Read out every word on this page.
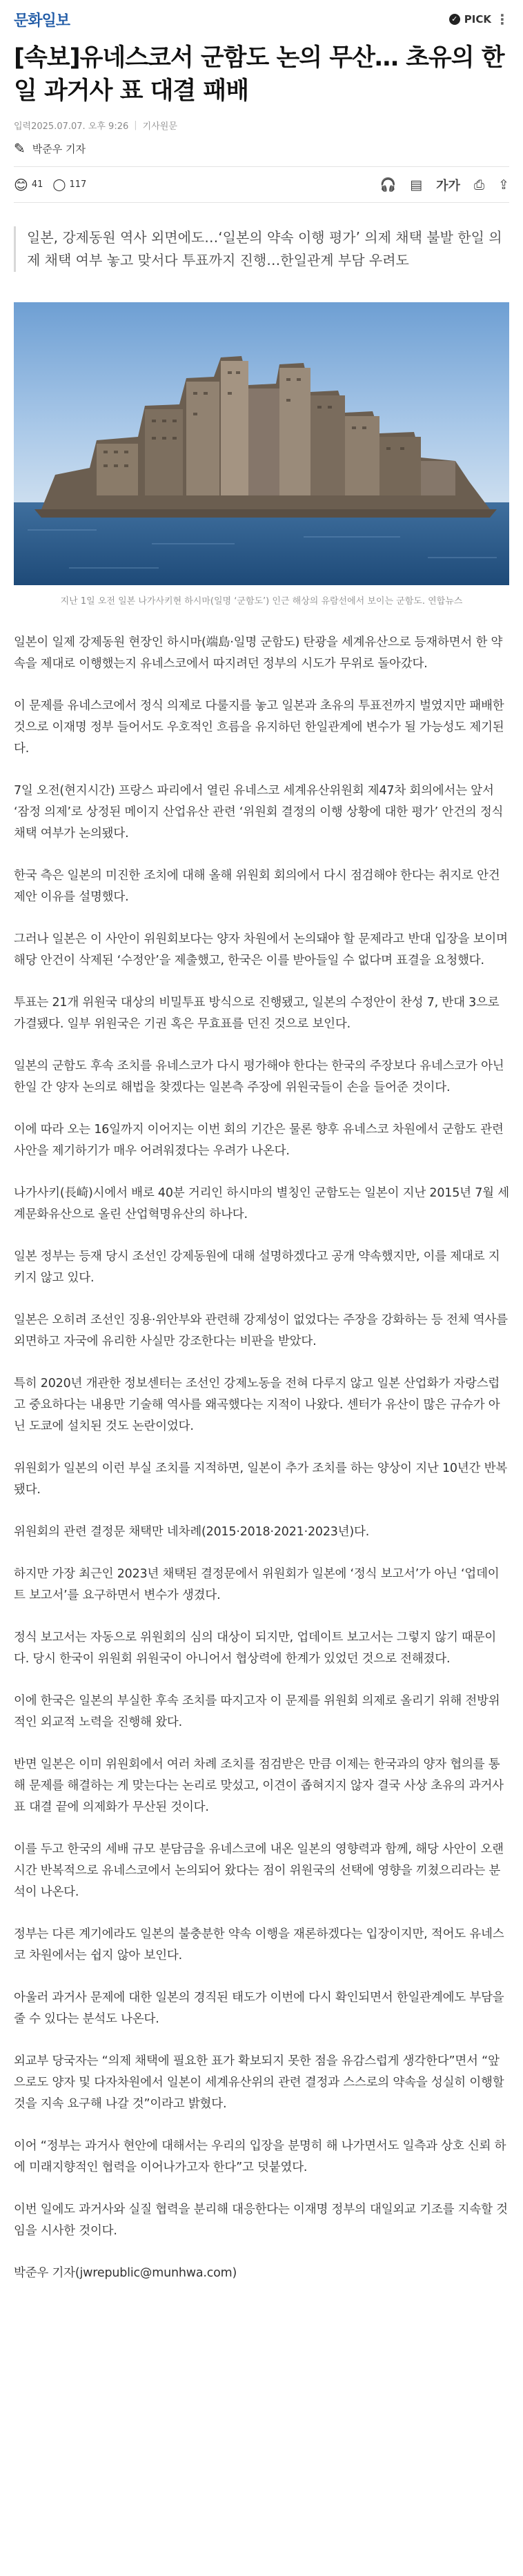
문화일보	✓ PICK ⋮
[속보]유네스코서 군함도 논의 무산… 초유의 한일 과거사 표 대결 패배
입력2025.07.07. 오후 9:26 | 기사원문
✎ 박준우 기자
😊 41 ◯ 117	🎧 ▤ 가가 ⎙ ⇪
일본, 강제동원 역사 외면에도…‘일본의 약속 이행 평가’ 의제 채택 불발 한일 의제 채택 여부 놓고 맞서다 투표까지 진행…한일관계 부담 우려도

지난 1일 오전 일본 나가사키현 하시마(일명 ‘군함도’) 인근 해상의 유람선에서 보이는 군함도. 연합뉴스

일본이 일제 강제동원 현장인 하시마(端島·일명 군함도) 탄광을 세계유산으로 등재하면서 한 약속을 제대로 이행했는지 유네스코에서 따지려던 정부의 시도가 무위로 돌아갔다.

이 문제를 유네스코에서 정식 의제로 다룰지를 놓고 일본과 초유의 투표전까지 벌였지만 패배한 것으로 이재명 정부 들어서도 우호적인 흐름을 유지하던 한일관계에 변수가 될 가능성도 제기된다.

7일 오전(현지시간) 프랑스 파리에서 열린 유네스코 세계유산위원회 제47차 회의에서는 앞서 ‘잠정 의제’로 상정된 메이지 산업유산 관련 ‘위원회 결정의 이행 상황에 대한 평가’ 안건의 정식 채택 여부가 논의됐다.

한국 측은 일본의 미진한 조치에 대해 올해 위원회 회의에서 다시 점검해야 한다는 취지로 안건 제안 이유를 설명했다.

그러나 일본은 이 사안이 위원회보다는 양자 차원에서 논의돼야 할 문제라고 반대 입장을 보이며 해당 안건이 삭제된 ‘수정안’을 제출했고, 한국은 이를 받아들일 수 없다며 표결을 요청했다.

투표는 21개 위원국 대상의 비밀투표 방식으로 진행됐고, 일본의 수정안이 찬성 7, 반대 3으로 가결됐다. 일부 위원국은 기권 혹은 무효표를 던진 것으로 보인다.

일본의 군함도 후속 조치를 유네스코가 다시 평가해야 한다는 한국의 주장보다 유네스코가 아닌 한일 간 양자 논의로 해법을 찾겠다는 일본측 주장에 위원국들이 손을 들어준 것이다.

이에 따라 오는 16일까지 이어지는 이번 회의 기간은 물론 향후 유네스코 차원에서 군함도 관련 사안을 제기하기가 매우 어려워졌다는 우려가 나온다.

나가사키(長崎)시에서 배로 40분 거리인 하시마의 별칭인 군함도는 일본이 지난 2015년 7월 세계문화유산으로 올린 산업혁명유산의 하나다.

일본 정부는 등재 당시 조선인 강제동원에 대해 설명하겠다고 공개 약속했지만, 이를 제대로 지키지 않고 있다.

일본은 오히려 조선인 징용·위안부와 관련해 강제성이 없었다는 주장을 강화하는 등 전체 역사를 외면하고 자국에 유리한 사실만 강조한다는 비판을 받았다.

특히 2020년 개관한 정보센터는 조선인 강제노동을 전혀 다루지 않고 일본 산업화가 자랑스럽고 중요하다는 내용만 기술해 역사를 왜곡했다는 지적이 나왔다. 센터가 유산이 많은 규슈가 아닌 도쿄에 설치된 것도 논란이었다.

위원회가 일본의 이런 부실 조치를 지적하면, 일본이 추가 조치를 하는 양상이 지난 10년간 반복됐다.

위원회의 관련 결정문 채택만 네차례(2015·2018·2021·2023년)다.

하지만 가장 최근인 2023년 채택된 결정문에서 위원회가 일본에 ‘정식 보고서’가 아닌 ‘업데이트 보고서’를 요구하면서 변수가 생겼다.

정식 보고서는 자동으로 위원회의 심의 대상이 되지만, 업데이트 보고서는 그렇지 않기 때문이다. 당시 한국이 위원회 위원국이 아니어서 협상력에 한계가 있었던 것으로 전해졌다.

이에 한국은 일본의 부실한 후속 조치를 따지고자 이 문제를 위원회 의제로 올리기 위해 전방위적인 외교적 노력을 진행해 왔다.

반면 일본은 이미 위원회에서 여러 차례 조치를 점검받은 만큼 이제는 한국과의 양자 협의를 통해 문제를 해결하는 게 맞는다는 논리로 맞섰고, 이견이 좁혀지지 않자 결국 사상 초유의 과거사 표 대결 끝에 의제화가 무산된 것이다.

이를 두고 한국의 세배 규모 분담금을 유네스코에 내온 일본의 영향력과 함께, 해당 사안이 오랜 시간 반복적으로 유네스코에서 논의되어 왔다는 점이 위원국의 선택에 영향을 끼쳤으리라는 분석이 나온다.

정부는 다른 계기에라도 일본의 불충분한 약속 이행을 재론하겠다는 입장이지만, 적어도 유네스코 차원에서는 쉽지 않아 보인다.

아울러 과거사 문제에 대한 일본의 경직된 태도가 이번에 다시 확인되면서 한일관계에도 부담을 줄 수 있다는 분석도 나온다.

외교부 당국자는 “의제 채택에 필요한 표가 확보되지 못한 점을 유감스럽게 생각한다”면서 “앞으로도 양자 및 다자차원에서 일본이 세계유산위의 관련 결정과 스스로의 약속을 성실히 이행할 것을 지속 요구해 나갈 것”이라고 밝혔다.

이어 “정부는 과거사 현안에 대해서는 우리의 입장을 분명히 해 나가면서도 일측과 상호 신뢰 하에 미래지향적인 협력을 이어나가고자 한다”고 덧붙였다.

이번 일에도 과거사와 실질 협력을 분리해 대응한다는 이재명 정부의 대일외교 기조를 지속할 것임을 시사한 것이다.

박준우 기자(jwrepublic@munhwa.com)
